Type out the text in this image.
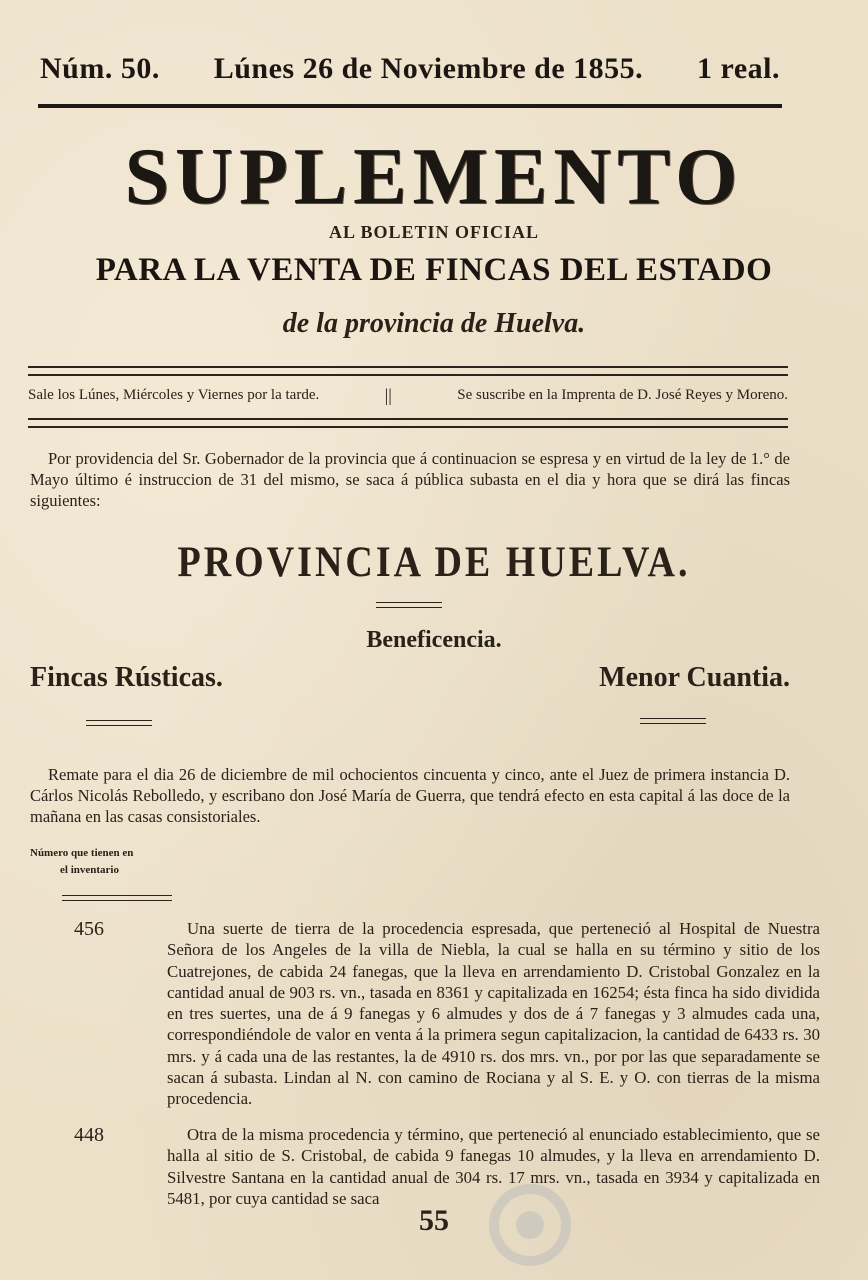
Núm. 50. Lúnes 26 de Noviembre de 1855. 1 real.
SUPLEMENTO
AL BOLETIN OFICIAL
PARA LA VENTA DE FINCAS DEL ESTADO
de la provincia de Huelva.
Sale los Lúnes, Miércoles y Viernes por la tarde.	||	Se suscribe en la Imprenta de D. José Reyes y Moreno.
Por providencia del Sr. Gobernador de la provincia que á continuacion se espresa y en virtud de la ley de 1.° de Mayo último é instruccion de 31 del mismo, se saca á pública subasta en el dia y hora que se dirá las fincas siguientes:
PROVINCIA DE HUELVA.
Beneficencia.
Fincas Rústicas.	Menor Cuantia.
Remate para el dia 26 de diciembre de mil ochocientos cincuenta y cinco, ante el Juez de primera instancia D. Cárlos Nicolás Rebolledo, y escribano don José María de Guerra, que tendrá efecto en esta capital á las doce de la mañana en las casas consistoriales.
Número que tienen en
el inventario
456	Una suerte de tierra de la procedencia espresada, que perteneció al Hospital de Nuestra Señora de los Angeles de la villa de Niebla, la cual se halla en su término y sitio de los Cuatrejones, de cabida 24 fanegas, que la lleva en arrendamiento D. Cristobal Gonzalez en la cantidad anual de 903 rs. vn., tasada en 8361 y capitalizada en 16254; ésta finca ha sido dividida en tres suertes, una de á 9 fanegas y 6 almudes y dos de á 7 fanegas y 3 almudes cada una, correspondiéndole de valor en venta á la primera segun capitalizacion, la cantidad de 6433 rs. 30 mrs. y á cada una de las restantes, la de 4910 rs. dos mrs. vn., por por las que separadamente se sacan á subasta. Lindan al N. con camino de Rociana y al S. E. y O. con tierras de la misma procedencia.
448	Otra de la misma procedencia y término, que perteneció al enunciado establecimiento, que se halla al sitio de S. Cristobal, de cabida 9 fanegas 10 almudes, y la lleva en arrendamiento D. Silvestre Santana en la cantidad anual de 304 rs. 17 mrs. vn., tasada en 3934 y capitalizada en 5481, por cuya cantidad se saca
55
